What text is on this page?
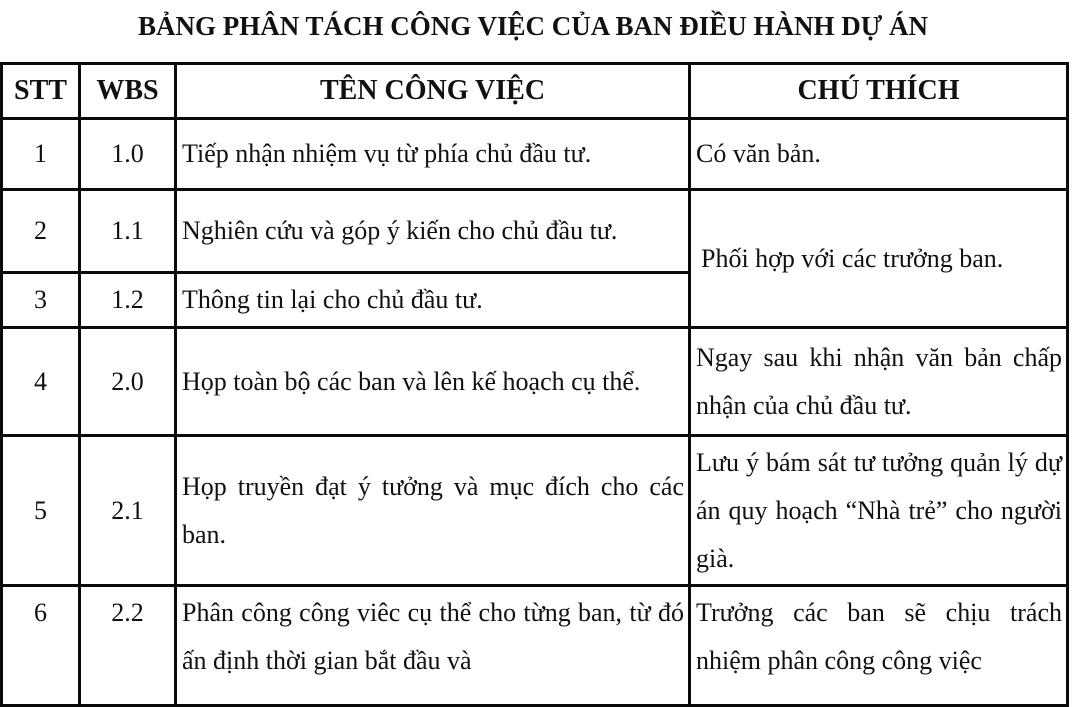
BẢNG PHÂN TÁCH CÔNG VIỆC CỦA BAN ĐIỀU HÀNH DỰ ÁN
STT	WBS	TÊN CÔNG VIỆC	CHÚ THÍCH
1	1.0	Tiếp nhận nhiệm vụ từ phía chủ đầu tư.	Có văn bản.
2	1.1	Nghiên cứu và góp ý kiến cho chủ đầu tư.	Phối hợp với các trưởng ban.
3	1.2	Thông tin lại cho chủ đầu tư.	
4	2.0	Họp toàn bộ các ban và lên kế hoạch cụ thể.	Ngay sau khi nhận văn bản chấp nhận của chủ đầu tư.
5	2.1	Họp truyền đạt ý tưởng và mục đích cho các ban.	Lưu ý bám sát tư tưởng quản lý dự án quy hoạch “Nhà trẻ” cho người già.
6	2.2	Phân công công viêc cụ thể cho từng ban, từ đó ấn định thời gian bắt đầu và	Trưởng các ban sẽ chịu trách nhiệm phân công công việc
